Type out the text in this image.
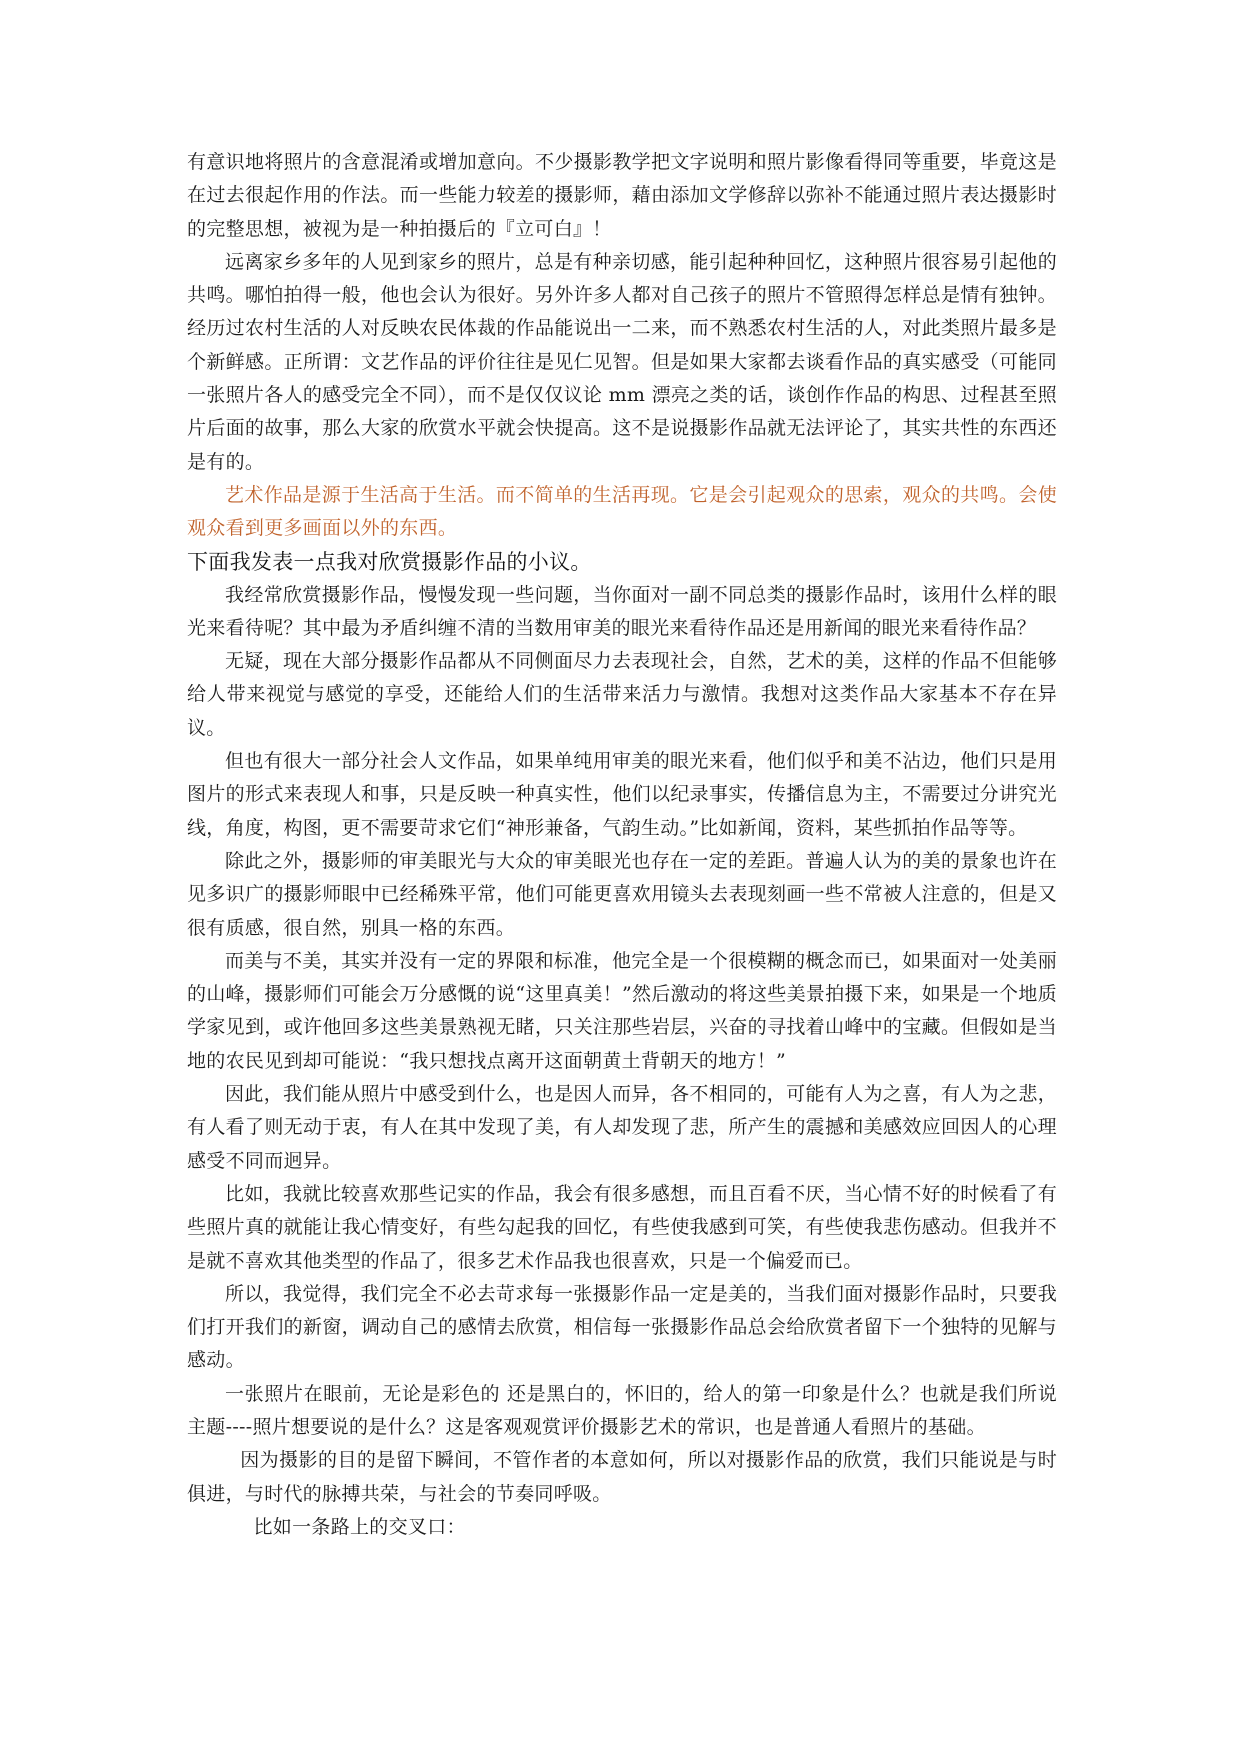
有意识地将照片的含意混淆或增加意向。不少摄影教学把文字说明和照片影像看得同等重要，毕竟这是在过去很起作用的作法。而一些能力较差的摄影师，藉由添加文学修辞以弥补不能通过照片表达摄影时的完整思想，被视为是一种拍摄后的『立可白』！

远离家乡多年的人见到家乡的照片，总是有种亲切感，能引起种种回忆，这种照片很容易引起他的共鸣。哪怕拍得一般，他也会认为很好。另外许多人都对自己孩子的照片不管照得怎样总是情有独钟。经历过农村生活的人对反映农民体裁的作品能说出一二来，而不熟悉农村生活的人，对此类照片最多是个新鲜感。正所谓：文艺作品的评价往往是见仁见智。但是如果大家都去谈看作品的真实感受（可能同一张照片各人的感受完全不同），而不是仅仅议论 mm 漂亮之类的话，谈创作作品的构思、过程甚至照片后面的故事，那么大家的欣赏水平就会快提高。这不是说摄影作品就无法评论了，其实共性的东西还是有的。

艺术作品是源于生活高于生活。而不简单的生活再现。它是会引起观众的思索，观众的共鸣。会使观众看到更多画面以外的东西。

下面我发表一点我对欣赏摄影作品的小议。

我经常欣赏摄影作品，慢慢发现一些问题，当你面对一副不同总类的摄影作品时，该用什么样的眼光来看待呢？其中最为矛盾纠缠不清的当数用审美的眼光来看待作品还是用新闻的眼光来看待作品？

无疑，现在大部分摄影作品都从不同侧面尽力去表现社会，自然，艺术的美，这样的作品不但能够给人带来视觉与感觉的享受，还能给人们的生活带来活力与激情。我想对这类作品大家基本不存在异议。

但也有很大一部分社会人文作品，如果单纯用审美的眼光来看，他们似乎和美不沾边，他们只是用图片的形式来表现人和事，只是反映一种真实性，他们以纪录事实，传播信息为主，不需要过分讲究光线，角度，构图，更不需要苛求它们“神形兼备，气韵生动。”比如新闻，资料，某些抓拍作品等等。

除此之外，摄影师的审美眼光与大众的审美眼光也存在一定的差距。普遍人认为的美的景象也许在见多识广的摄影师眼中已经稀殊平常，他们可能更喜欢用镜头去表现刻画一些不常被人注意的，但是又很有质感，很自然，别具一格的东西。

而美与不美，其实并没有一定的界限和标准，他完全是一个很模糊的概念而已，如果面对一处美丽的山峰，摄影师们可能会万分感慨的说“这里真美！”然后激动的将这些美景拍摄下来，如果是一个地质学家见到，或许他回多这些美景熟视无睹，只关注那些岩层，兴奋的寻找着山峰中的宝藏。但假如是当地的农民见到却可能说：“我只想找点离开这面朝黄土背朝天的地方！”

因此，我们能从照片中感受到什么，也是因人而异，各不相同的，可能有人为之喜，有人为之悲，有人看了则无动于衷，有人在其中发现了美，有人却发现了悲，所产生的震撼和美感效应回因人的心理感受不同而迥异。

比如，我就比较喜欢那些记实的作品，我会有很多感想，而且百看不厌，当心情不好的时候看了有些照片真的就能让我心情变好，有些勾起我的回忆，有些使我感到可笑，有些使我悲伤感动。但我并不是就不喜欢其他类型的作品了，很多艺术作品我也很喜欢，只是一个偏爱而已。

所以，我觉得，我们完全不必去苛求每一张摄影作品一定是美的，当我们面对摄影作品时，只要我们打开我们的新窗，调动自己的感情去欣赏，相信每一张摄影作品总会给欣赏者留下一个独特的见解与感动。

一张照片在眼前，无论是彩色的 还是黑白的，怀旧的，给人的第一印象是什么？也就是我们所说主题----照片想要说的是什么？这是客观观赏评价摄影艺术的常识，也是普通人看照片的基础。

因为摄影的目的是留下瞬间，不管作者的本意如何，所以对摄影作品的欣赏，我们只能说是与时俱进，与时代的脉搏共荣，与社会的节奏同呼吸。

比如一条路上的交叉口：
